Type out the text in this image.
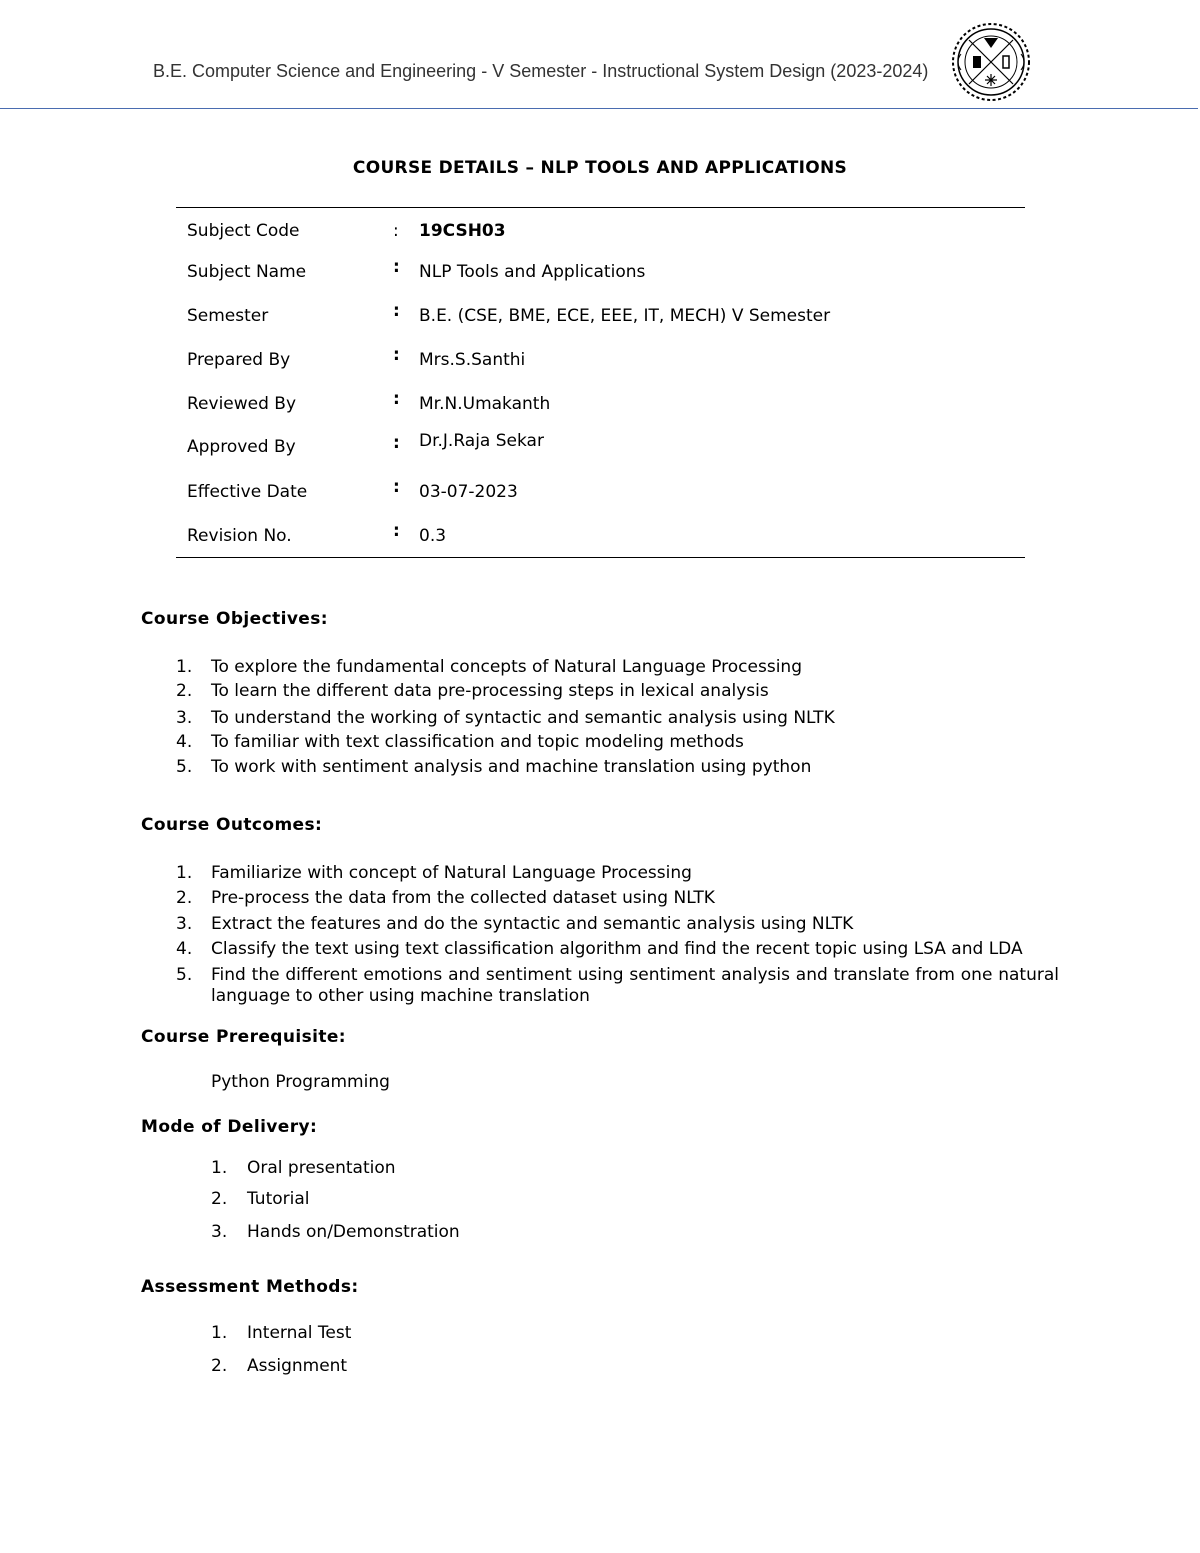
B.E. Computer Science and Engineering - V Semester - Instructional System Design (2023-2024)
COURSE DETAILS – NLP TOOLS AND APPLICATIONS
Subject Code	: 19CSH03
Subject Name	: NLP Tools and Applications
Semester	: B.E. (CSE, BME, ECE, EEE, IT, MECH) V Semester
Prepared By	: Mrs.S.Santhi
Reviewed By	: Mr.N.Umakanth
Approved By	: Dr.J.Raja Sekar
Effective Date	: 03-07-2023
Revision No.	: 0.3
Course Objectives:
1. To explore the fundamental concepts of Natural Language Processing
2. To learn the different data pre-processing steps in lexical analysis
3. To understand the working of syntactic and semantic analysis using NLTK
4. To familiar with text classification and topic modeling methods
5. To work with sentiment analysis and machine translation using python
Course Outcomes:
1. Familiarize with concept of Natural Language Processing
2. Pre-process the data from the collected dataset using NLTK
3. Extract the features and do the syntactic and semantic analysis using NLTK
4. Classify the text using text classification algorithm and find the recent topic using LSA and LDA
5. Find the different emotions and sentiment using sentiment analysis and translate from one natural language to other using machine translation
Course Prerequisite:
Python Programming
Mode of Delivery:
1. Oral presentation
2. Tutorial
3. Hands on/Demonstration
Assessment Methods:
1. Internal Test
2. Assignment
